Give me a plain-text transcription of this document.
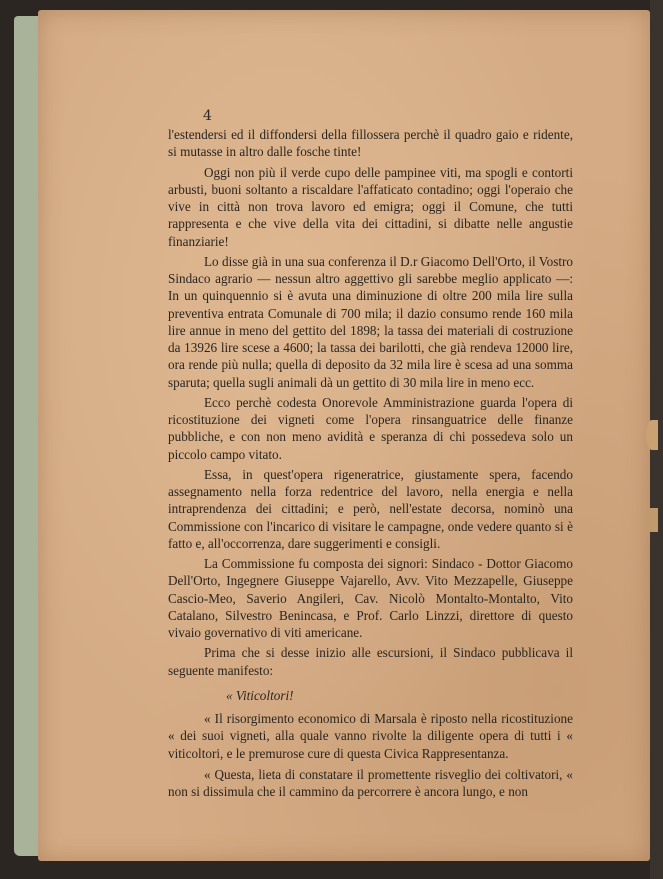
4

l'estendersi ed il diffondersi della fillossera perchè il quadro gaio e ridente, si mutasse in altro dalle fosche tinte!

Oggi non più il verde cupo delle pampinee viti, ma spogli e contorti arbusti, buoni soltanto a riscaldare l'affaticato contadino; oggi l'operaio che vive in città non trova lavoro ed emigra; oggi il Comune, che tutti rappresenta e che vive della vita dei cittadini, si dibatte nelle angustie finanziarie!

Lo disse già in una sua conferenza il D.r Giacomo Dell'Orto, il Vostro Sindaco agrario — nessun altro aggettivo gli sarebbe meglio applicato —: In un quinquennio si è avuta una diminuzione di oltre 200 mila lire sulla preventiva entrata Comunale di 700 mila; il dazio consumo rende 160 mila lire annue in meno del gettito del 1898; la tassa dei materiali di costruzione da 13926 lire scese a 4600; la tassa dei barilotti, che già rendeva 12000 lire, ora rende più nulla; quella di deposito da 32 mila lire è scesa ad una somma sparuta; quella sugli animali dà un gettito di 30 mila lire in meno ecc.

Ecco perchè codesta Onorevole Amministrazione guarda l'opera di ricostituzione dei vigneti come l'opera rinsanguatrice delle finanze pubbliche, e con non meno avidità e speranza di chi possedeva solo un piccolo campo vitato.

Essa, in quest'opera rigeneratrice, giustamente spera, facendo assegnamento nella forza redentrice del lavoro, nella energia e nella intraprendenza dei cittadini; e però, nell'estate decorsa, nominò una Commissione con l'incarico di visitare le campagne, onde vedere quanto si è fatto e, all'occorrenza, dare suggerimenti e consigli.

La Commissione fu composta dei signori: Sindaco - Dottor Giacomo Dell'Orto, Ingegnere Giuseppe Vajarello, Avv. Vito Mezzapelle, Giuseppe Cascio-Meo, Saverio Angileri, Cav. Nicolò Montalto-Montalto, Vito Catalano, Silvestro Benincasa, e Prof. Carlo Linzzi, direttore di questo vivaio governativo di viti americane.

Prima che si desse inizio alle escursioni, il Sindaco pubblicava il seguente manifesto:

« Viticoltori!

« Il risorgimento economico di Marsala è riposto nella ricostituzione « dei suoi vigneti, alla quale vanno rivolte la diligente opera di tutti i « viticoltori, e le premurose cure di questa Civica Rappresentanza.

« Questa, lieta di constatare il promettente risveglio dei coltivatori, « non si dissimula che il cammino da percorrere è ancora lungo, e non
